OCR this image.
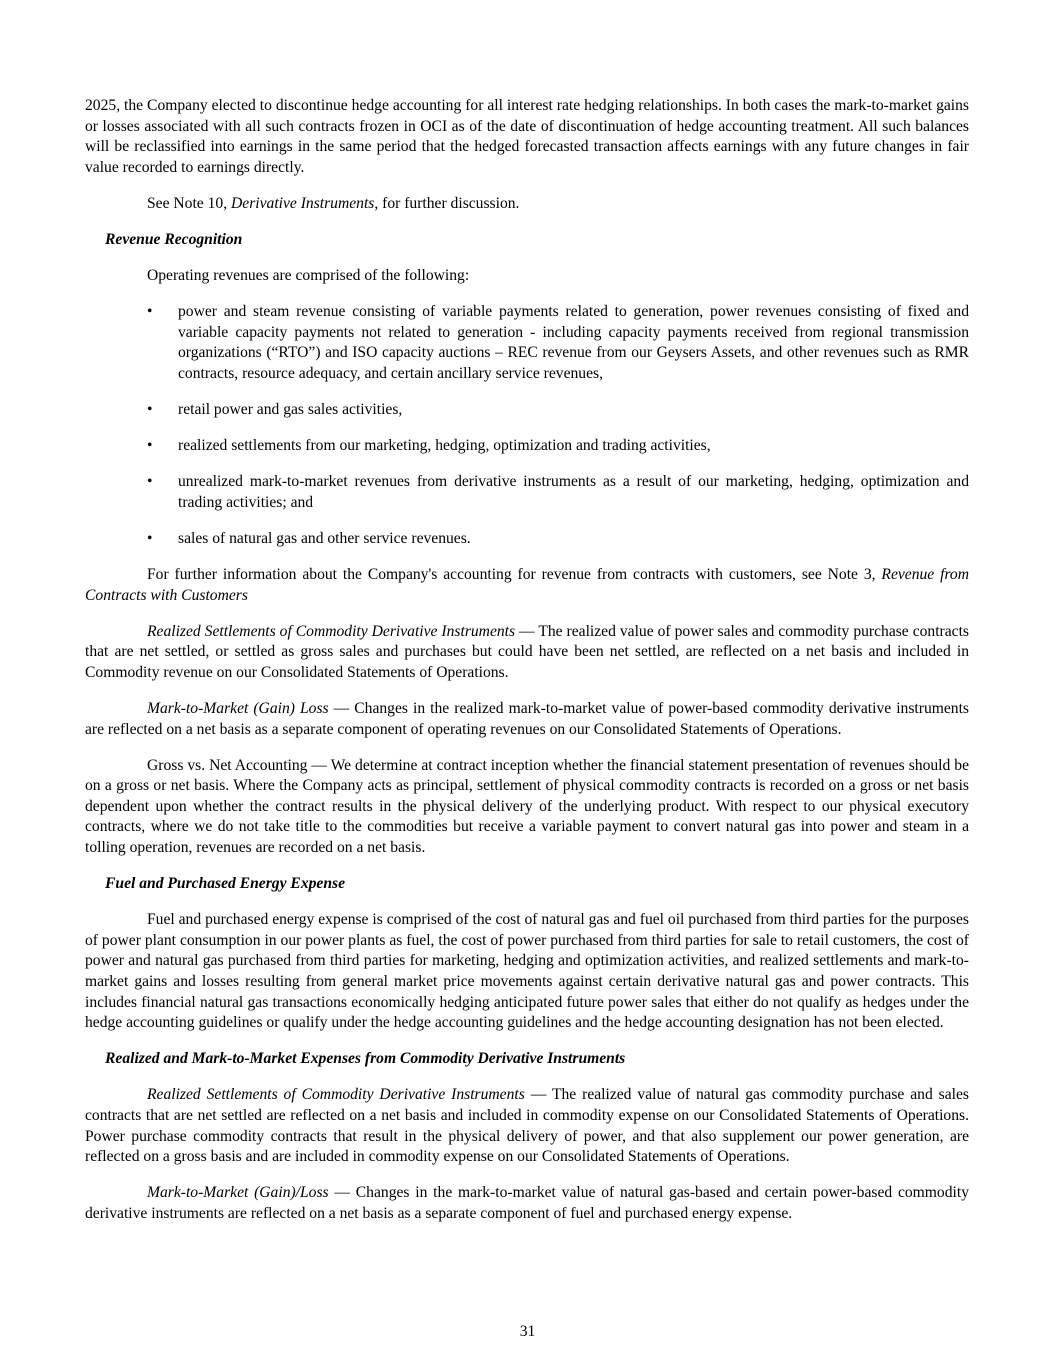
2025, the Company elected to discontinue hedge accounting for all interest rate hedging relationships. In both cases the mark-to-market gains or losses associated with all such contracts frozen in OCI as of the date of discontinuation of hedge accounting treatment. All such balances will be reclassified into earnings in the same period that the hedged forecasted transaction affects earnings with any future changes in fair value recorded to earnings directly.

See Note 10, Derivative Instruments, for further discussion.

Revenue Recognition

Operating revenues are comprised of the following:

• power and steam revenue consisting of variable payments related to generation, power revenues consisting of fixed and variable capacity payments not related to generation - including capacity payments received from regional transmission organizations (“RTO”) and ISO capacity auctions – REC revenue from our Geysers Assets, and other revenues such as RMR contracts, resource adequacy, and certain ancillary service revenues,
• retail power and gas sales activities,
• realized settlements from our marketing, hedging, optimization and trading activities,
• unrealized mark-to-market revenues from derivative instruments as a result of our marketing, hedging, optimization and trading activities; and
• sales of natural gas and other service revenues.

For further information about the Company's accounting for revenue from contracts with customers, see Note 3, Revenue from Contracts with Customers

Realized Settlements of Commodity Derivative Instruments — The realized value of power sales and commodity purchase contracts that are net settled, or settled as gross sales and purchases but could have been net settled, are reflected on a net basis and included in Commodity revenue on our Consolidated Statements of Operations.

Mark-to-Market (Gain) Loss — Changes in the realized mark-to-market value of power-based commodity derivative instruments are reflected on a net basis as a separate component of operating revenues on our Consolidated Statements of Operations.

Gross vs. Net Accounting — We determine at contract inception whether the financial statement presentation of revenues should be on a gross or net basis. Where the Company acts as principal, settlement of physical commodity contracts is recorded on a gross or net basis dependent upon whether the contract results in the physical delivery of the underlying product. With respect to our physical executory contracts, where we do not take title to the commodities but receive a variable payment to convert natural gas into power and steam in a tolling operation, revenues are recorded on a net basis.

Fuel and Purchased Energy Expense

Fuel and purchased energy expense is comprised of the cost of natural gas and fuel oil purchased from third parties for the purposes of power plant consumption in our power plants as fuel, the cost of power purchased from third parties for sale to retail customers, the cost of power and natural gas purchased from third parties for marketing, hedging and optimization activities, and realized settlements and mark-to-market gains and losses resulting from general market price movements against certain derivative natural gas and power contracts. This includes financial natural gas transactions economically hedging anticipated future power sales that either do not qualify as hedges under the hedge accounting guidelines or qualify under the hedge accounting guidelines and the hedge accounting designation has not been elected.

Realized and Mark-to-Market Expenses from Commodity Derivative Instruments

Realized Settlements of Commodity Derivative Instruments — The realized value of natural gas commodity purchase and sales contracts that are net settled are reflected on a net basis and included in commodity expense on our Consolidated Statements of Operations. Power purchase commodity contracts that result in the physical delivery of power, and that also supplement our power generation, are reflected on a gross basis and are included in commodity expense on our Consolidated Statements of Operations.

Mark-to-Market (Gain)/Loss — Changes in the mark-to-market value of natural gas-based and certain power-based commodity derivative instruments are reflected on a net basis as a separate component of fuel and purchased energy expense.

31
